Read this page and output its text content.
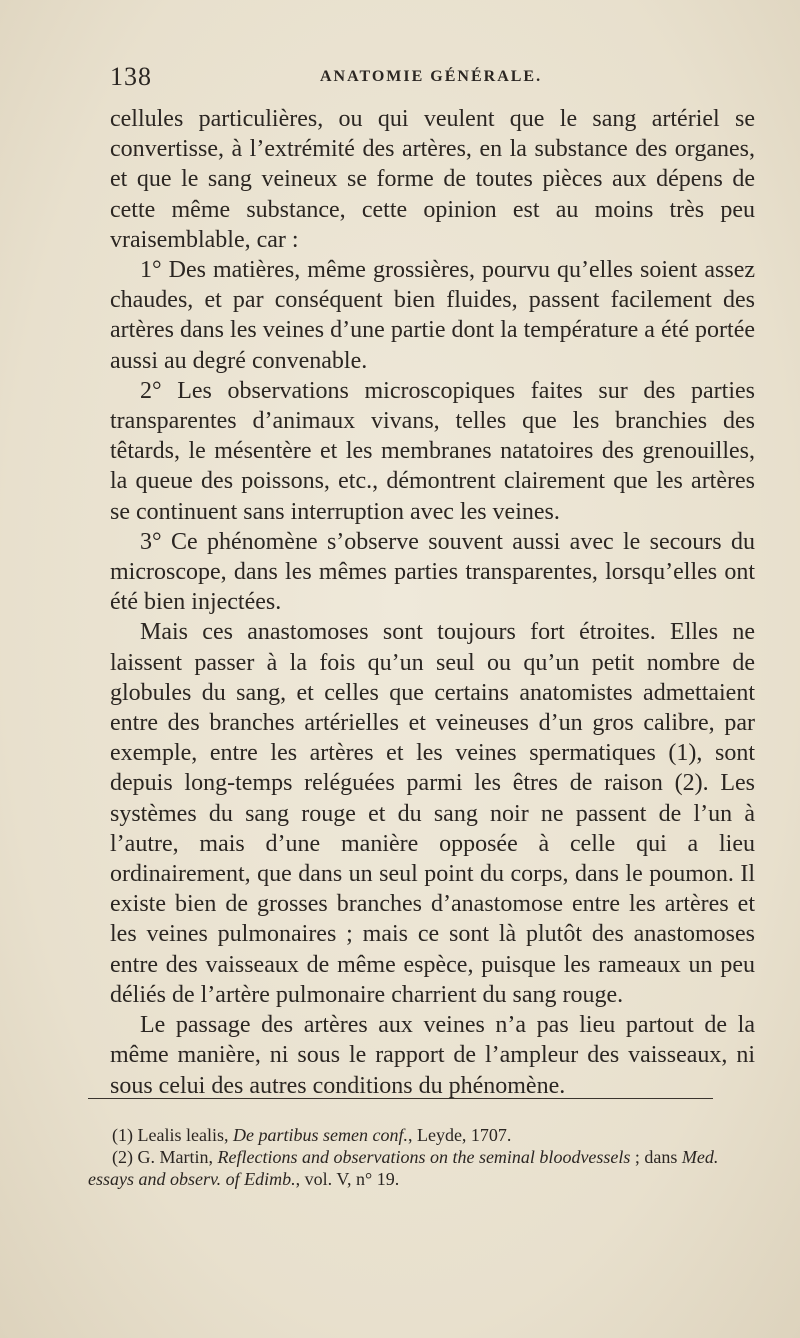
138	ANATOMIE GÉNÉRALE.

cellules particulières, ou qui veulent que le sang artériel se convertisse, à l’extrémité des artères, en la substance des organes, et que le sang veineux se forme de toutes pièces aux dépens de cette même substance, cette opinion est au moins très peu vraisemblable, car :

1° Des matières, même grossières, pourvu qu’elles soient assez chaudes, et par conséquent bien fluides, passent facilement des artères dans les veines d’une partie dont la température a été portée aussi au degré convenable.

2° Les observations microscopiques faites sur des parties transparentes d’animaux vivans, telles que les branchies des têtards, le mésentère et les membranes natatoires des grenouilles, la queue des poissons, etc., démontrent clairement que les artères se continuent sans interruption avec les veines.

3° Ce phénomène s’observe souvent aussi avec le secours du microscope, dans les mêmes parties transparentes, lorsqu’elles ont été bien injectées.

Mais ces anastomoses sont toujours fort étroites. Elles ne laissent passer à la fois qu’un seul ou qu’un petit nombre de globules du sang, et celles que certains anatomistes admettaient entre des branches artérielles et veineuses d’un gros calibre, par exemple, entre les artères et les veines spermatiques (1), sont depuis long-temps reléguées parmi les êtres de raison (2). Les systèmes du sang rouge et du sang noir ne passent de l’un à l’autre, mais d’une manière opposée à celle qui a lieu ordinairement, que dans un seul point du corps, dans le poumon. Il existe bien de grosses branches d’anastomose entre les artères et les veines pulmonaires ; mais ce sont là plutôt des anastomoses entre des vaisseaux de même espèce, puisque les rameaux un peu déliés de l’artère pulmonaire charrient du sang rouge.

Le passage des artères aux veines n’a pas lieu partout de la même manière, ni sous le rapport de l’ampleur des vaisseaux, ni sous celui des autres conditions du phénomène.

(1) Lealis lealis, De partibus semen conf., Leyde, 1707.

(2) G. Martin, Reflections and observations on the seminal bloodvessels ; dans Med. essays and observ. of Edimb., vol. V, n° 19.
